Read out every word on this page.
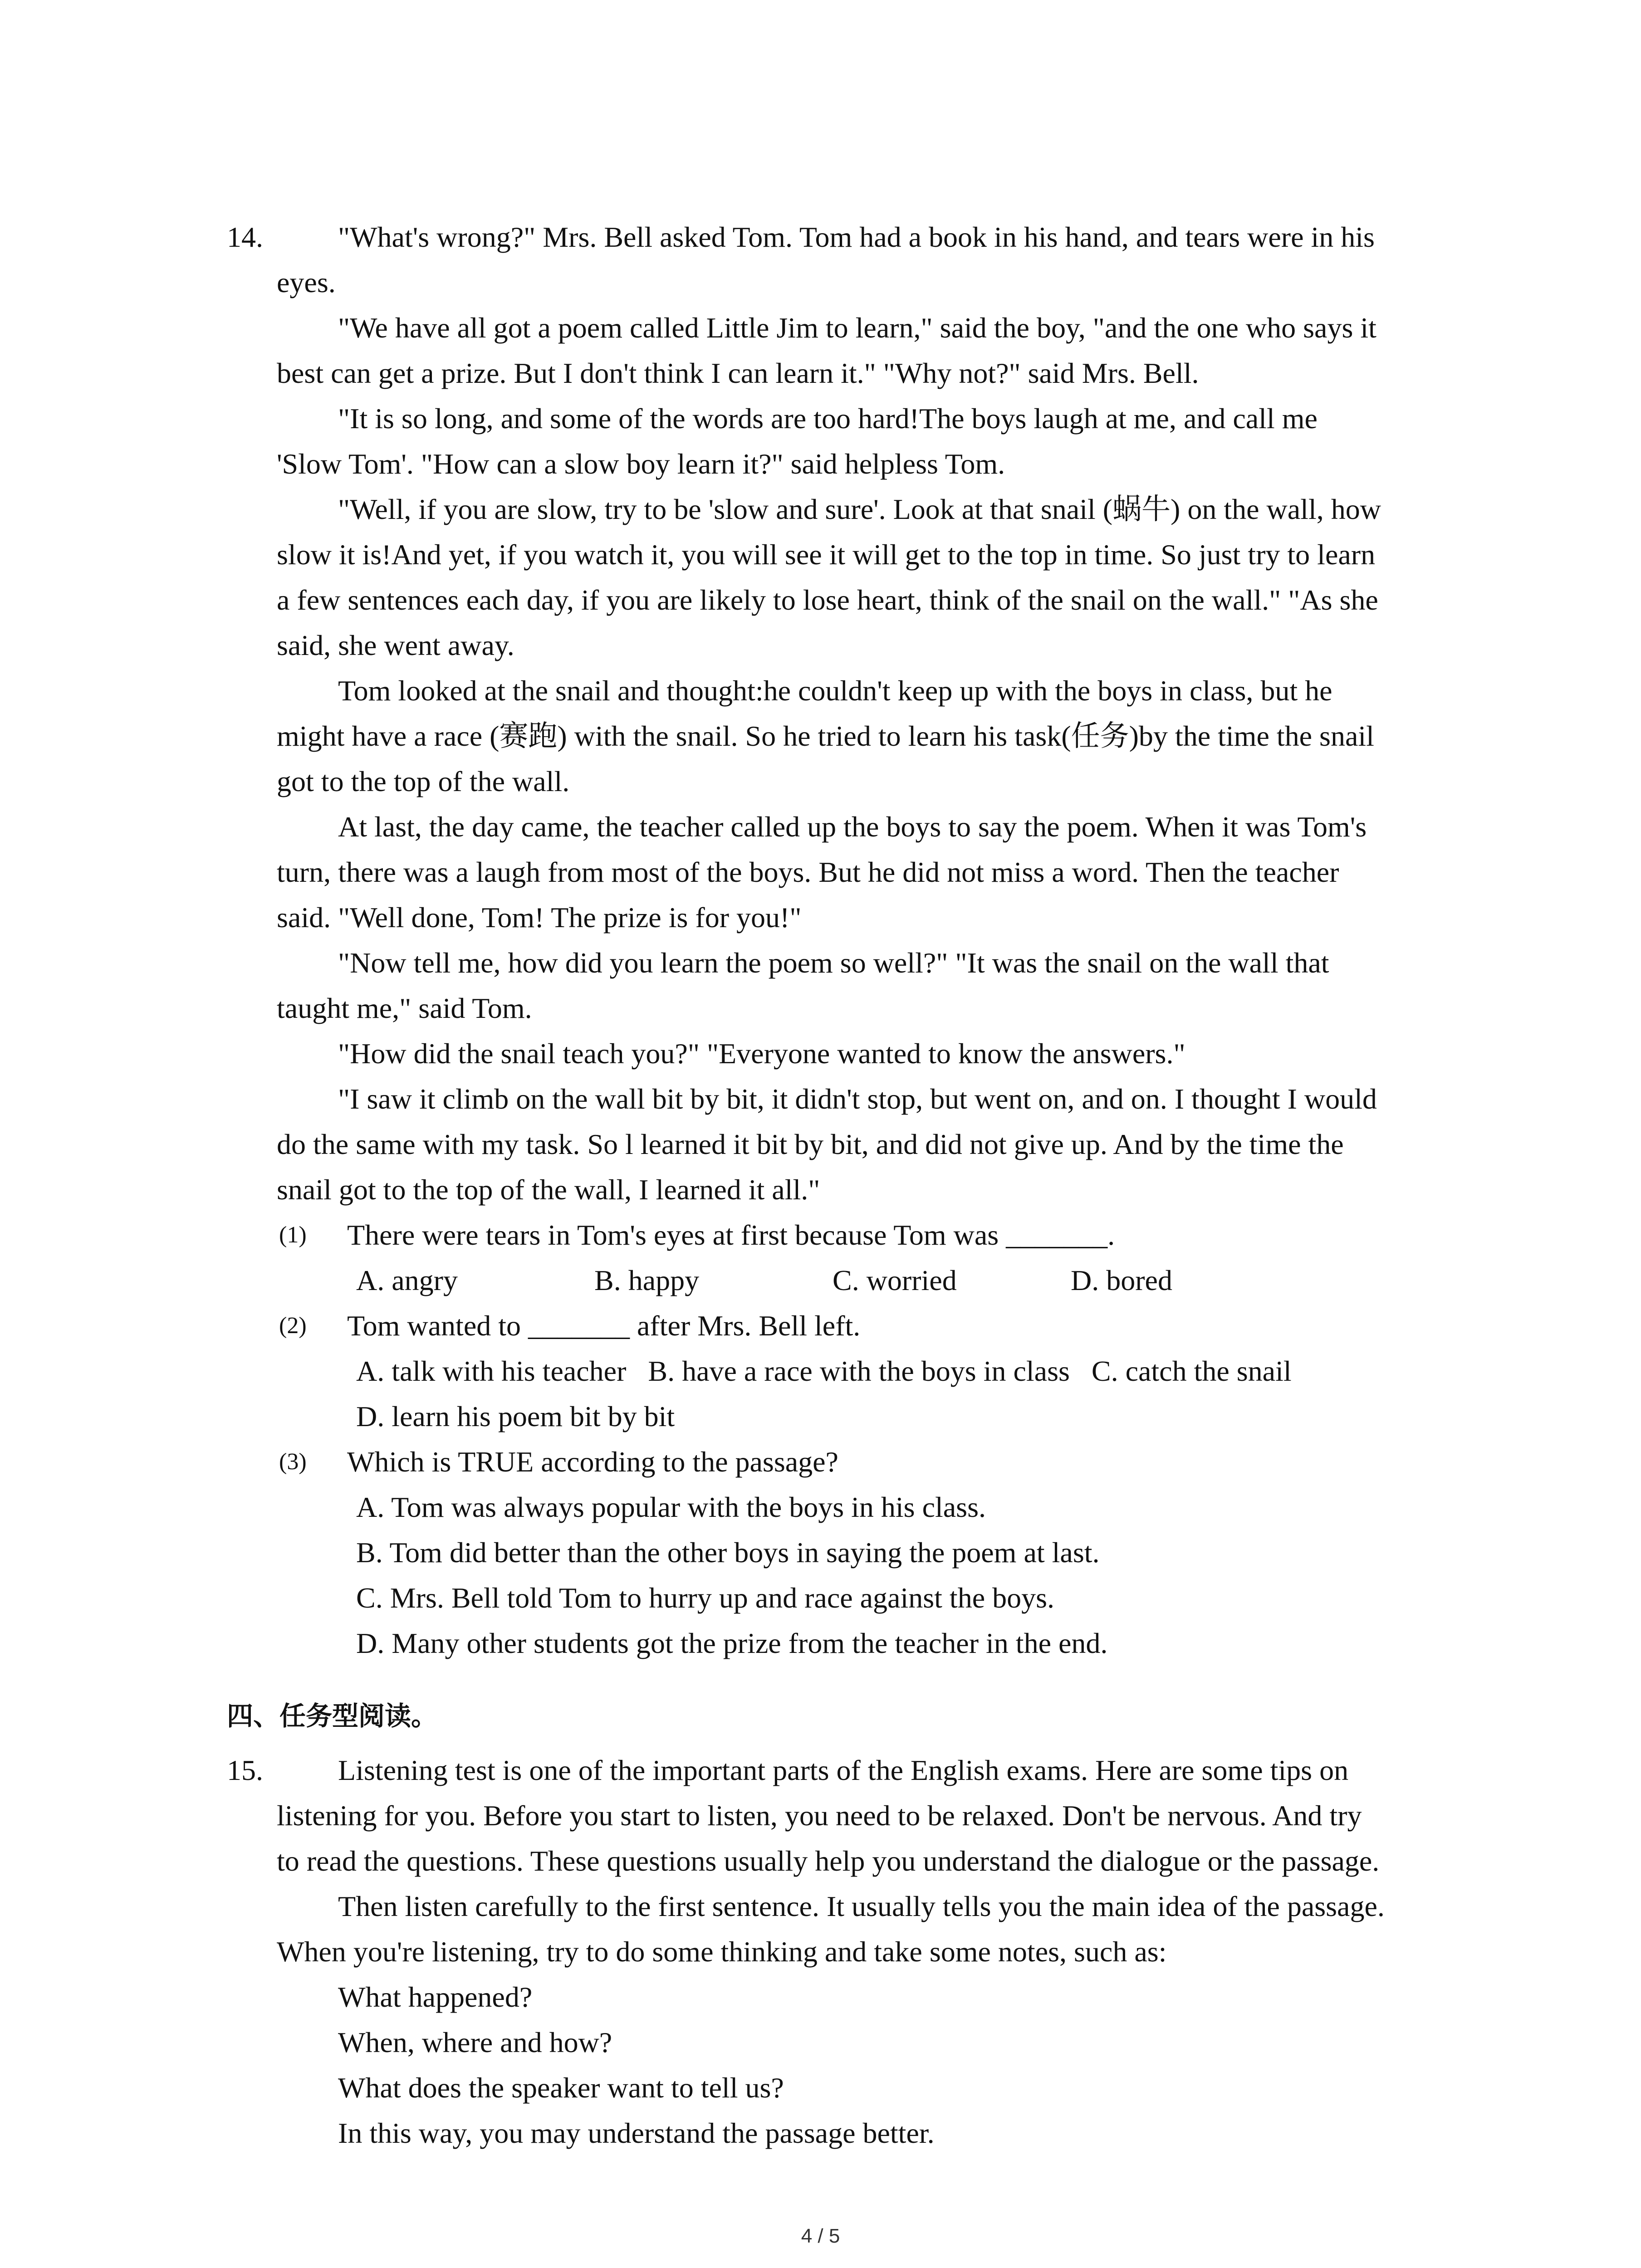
14.	"What's wrong?" Mrs. Bell asked Tom. Tom had a book in his hand, and tears were in his
eyes.
"We have all got a poem called Little Jim to learn," said the boy, "and the one who says it
best can get a prize. But I don't think I can learn it." "Why not?" said Mrs. Bell.
"It is so long, and some of the words are too hard!The boys laugh at me, and call me
'Slow Tom'. "How can a slow boy learn it?" said helpless Tom.
"Well, if you are slow, try to be 'slow and sure'. Look at that snail (蜗牛) on the wall, how
slow it is!And yet, if you watch it, you will see it will get to the top in time. So just try to learn
a few sentences each day, if you are likely to lose heart, think of the snail on the wall." "As she
said, she went away.
Tom looked at the snail and thought:he couldn't keep up with the boys in class, but he
might have a race (赛跑) with the snail. So he tried to learn his task(任务)by the time the snail
got to the top of the wall.
At last, the day came, the teacher called up the boys to say the poem. When it was Tom's
turn, there was a laugh from most of the boys. But he did not miss a word. Then the teacher
said. "Well done, Tom! The prize is for you!"
"Now tell me, how did you learn the poem so well?" "It was the snail on the wall that
taught me," said Tom.
"How did the snail teach you?" "Everyone wanted to know the answers."
"I saw it climb on the wall bit by bit, it didn't stop, but went on, and on. I thought I would
do the same with my task. So l learned it bit by bit, and did not give up. And by the time the
snail got to the top of the wall, I learned it all."
(1) There were tears in Tom's eyes at first because Tom was _______.
A. angry	B. happy	C. worried	D. bored
(2) Tom wanted to _______ after Mrs. Bell left.
A. talk with his teacher   B. have a race with the boys in class   C. catch the snail
D. learn his poem bit by bit
(3) Which is TRUE according to the passage?
A. Tom was always popular with the boys in his class.
B. Tom did better than the other boys in saying the poem at last.
C. Mrs. Bell told Tom to hurry up and race against the boys.
D. Many other students got the prize from the teacher in the end.
四、任务型阅读。
15.	Listening test is one of the important parts of the English exams. Here are some tips on
listening for you. Before you start to listen, you need to be relaxed. Don't be nervous. And try
to read the questions. These questions usually help you understand the dialogue or the passage.
Then listen carefully to the first sentence. It usually tells you the main idea of the passage.
When you're listening, try to do some thinking and take some notes, such as:
What happened?
When, where and how?
What does the speaker want to tell us?
In this way, you may understand the passage better.
4 / 5
